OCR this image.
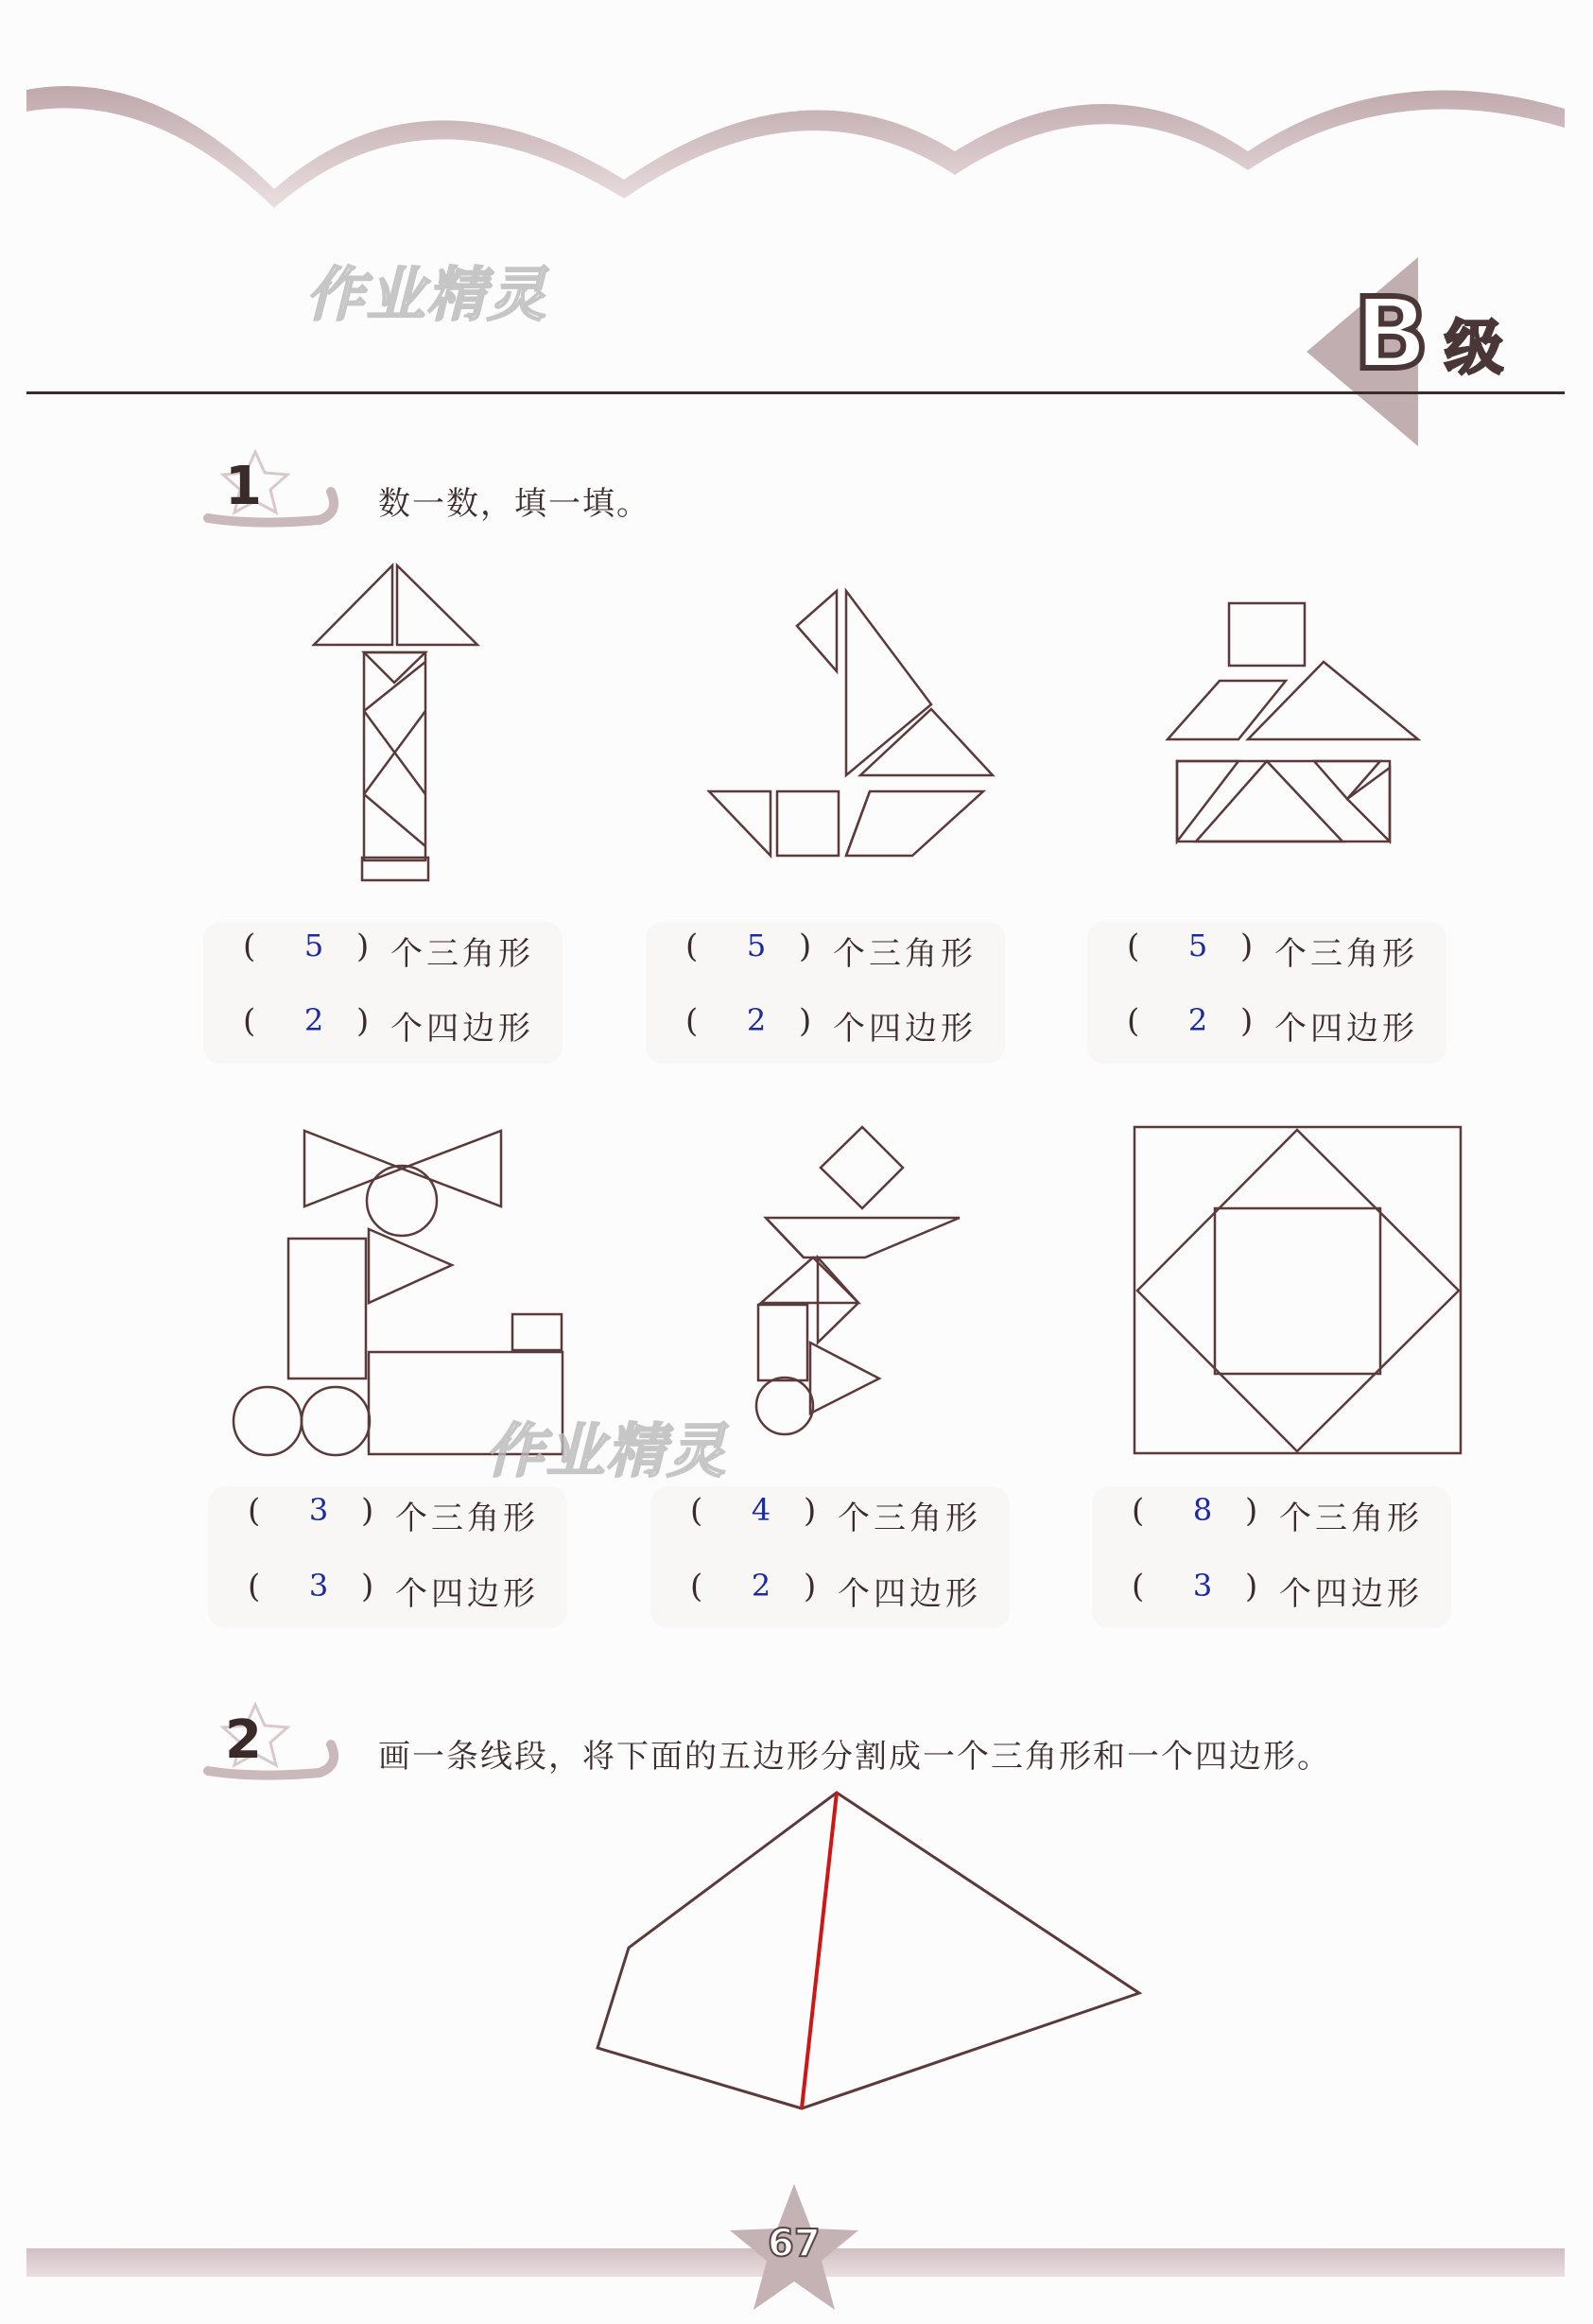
作业精灵	B 级
1	数一数，填一填。
( 5 ) 个三角形
( 2 ) 个四边形
( 5 ) 个三角形
( 2 ) 个四边形
( 5 ) 个三角形
( 2 ) 个四边形
作业精灵
( 3 ) 个三角形
( 3 ) 个四边形
( 4 ) 个三角形
( 2 ) 个四边形
( 8 ) 个三角形
( 3 ) 个四边形
2	画一条线段，将下面的五边形分割成一个三角形和一个四边形。
67
